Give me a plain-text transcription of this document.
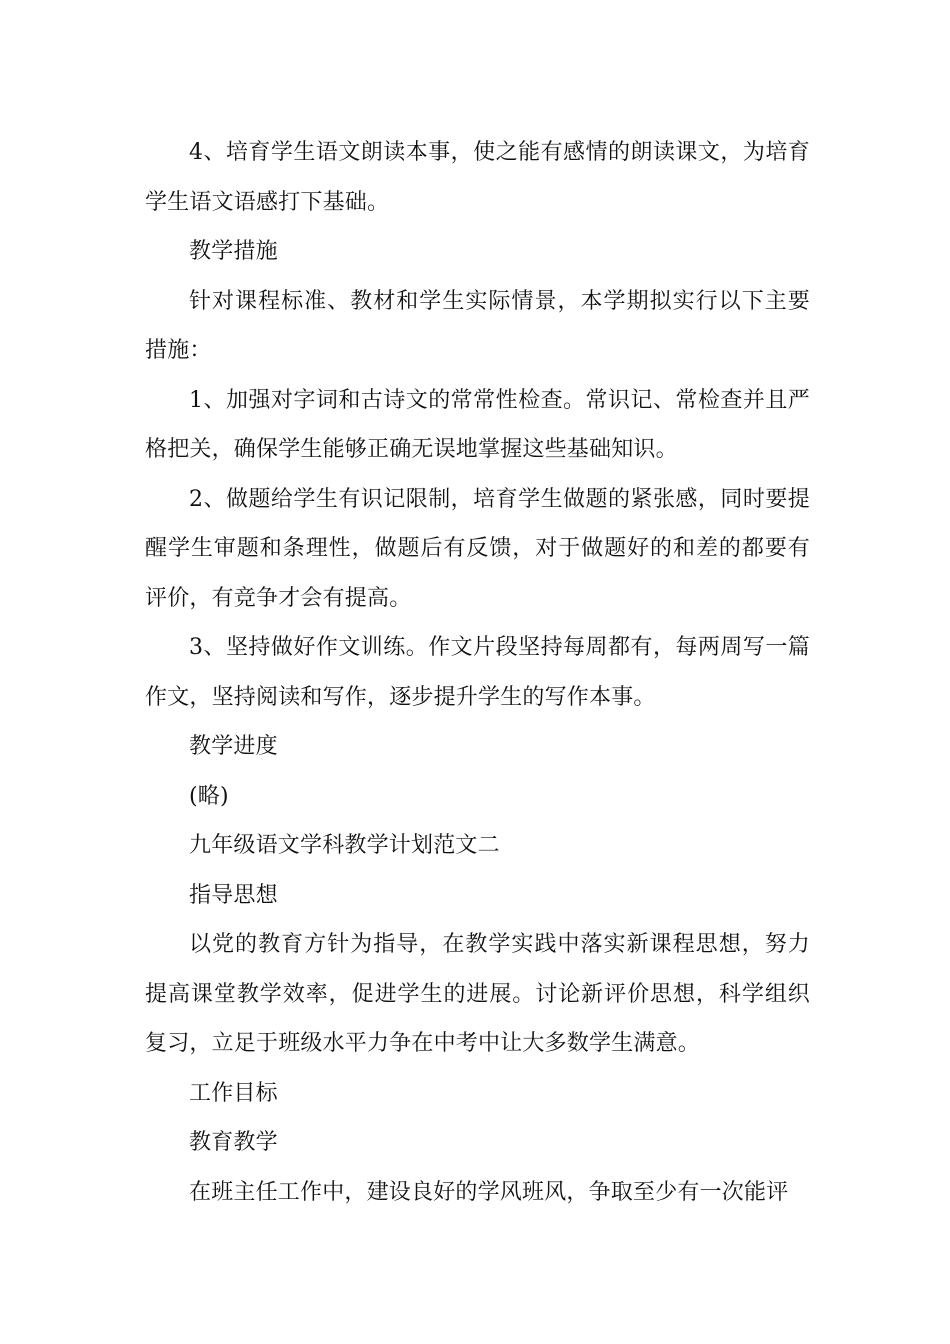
4、培育学生语文朗读本事，使之能有感情的朗读课文，为培育学生语文语感打下基础。

教学措施

针对课程标准、教材和学生实际情景，本学期拟实行以下主要措施：

1、加强对字词和古诗文的常常性检查。常识记、常检查并且严格把关，确保学生能够正确无误地掌握这些基础知识。

2、做题给学生有识记限制，培育学生做题的紧张感，同时要提醒学生审题和条理性，做题后有反馈，对于做题好的和差的都要有评价，有竞争才会有提高。

3、坚持做好作文训练。作文片段坚持每周都有，每两周写一篇作文，坚持阅读和写作，逐步提升学生的写作本事。

教学进度

(略)

九年级语文学科教学计划范文二

指导思想

以党的教育方针为指导，在教学实践中落实新课程思想，努力提高课堂教学效率，促进学生的进展。讨论新评价思想，科学组织复习，立足于班级水平力争在中考中让大多数学生满意。

工作目标

教育教学

在班主任工作中，建设良好的学风班风，争取至少有一次能评
